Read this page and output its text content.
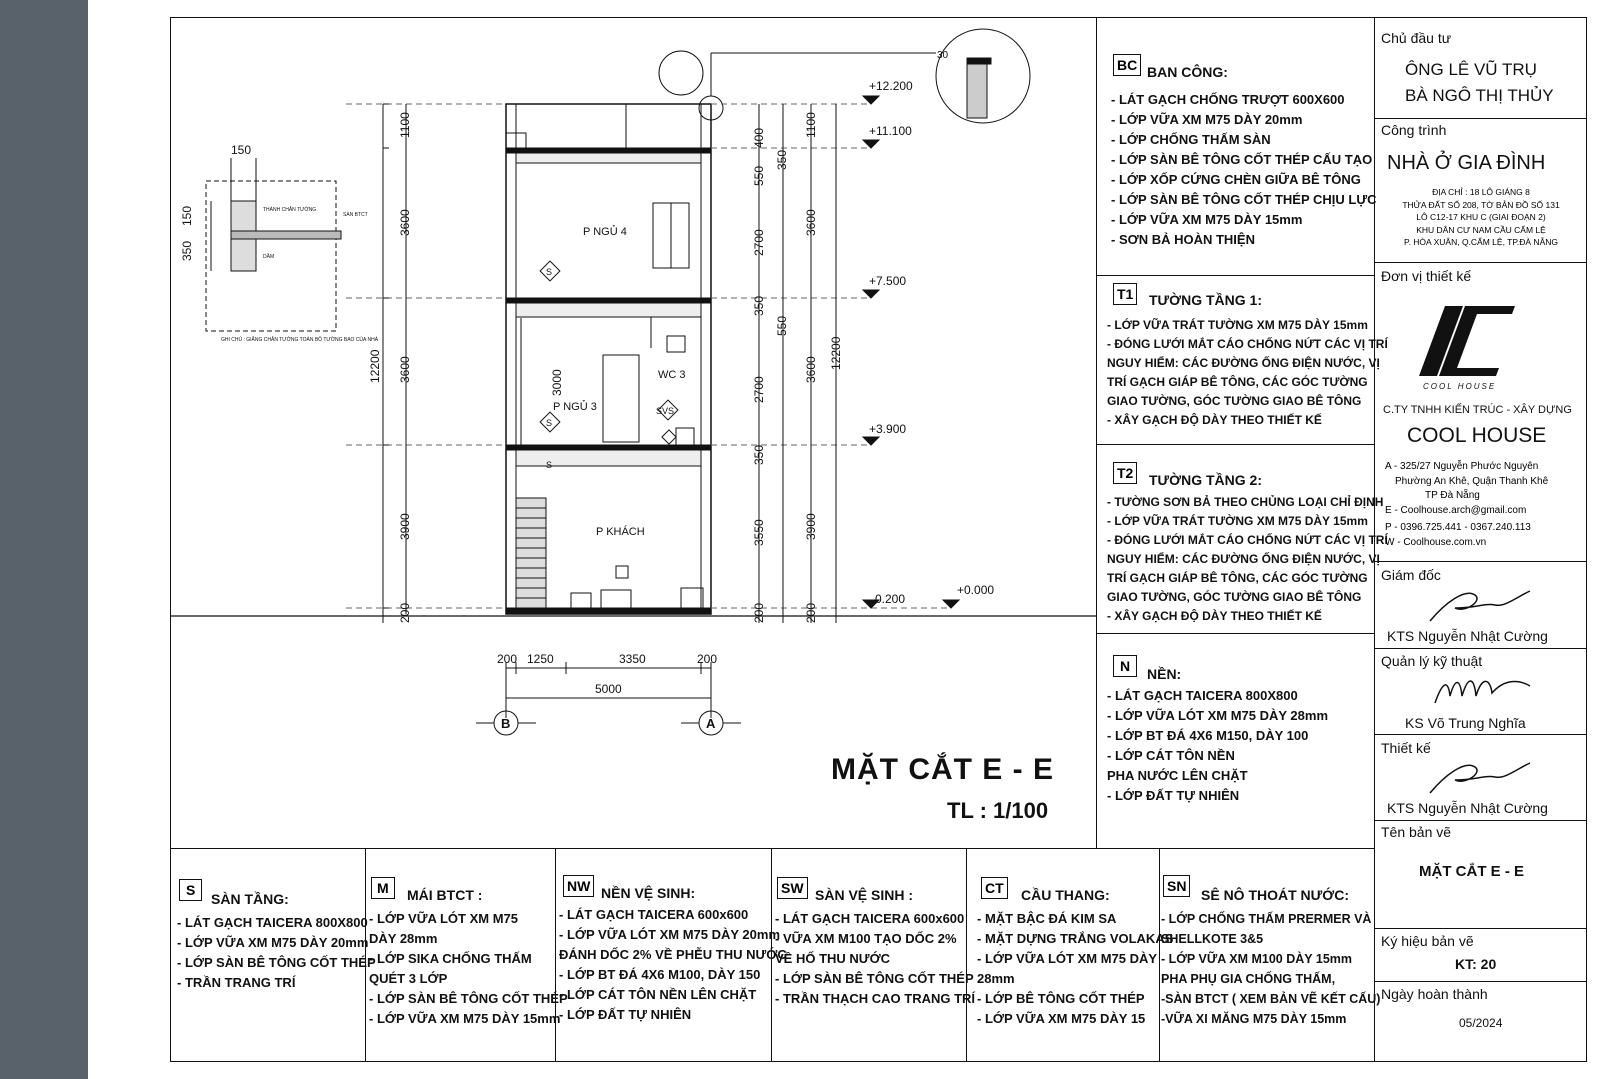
+12.200
+11.100
+7.500
+3.900
-0.200
+0.000
P NGỦ 4
P NGỦ 3
WC 3
P KHÁCH
S
S
S
SVS
1100
3600
3600
3900
200
12200	3000
400
350
550
2700
350
550
2700
350
3550
200
1100
3600
3600
3900
200
12200
200 1250	3350	200
5000
B	A
150
150
350
30
THÀNH CHẮN TƯỜNG
SÀN BTCT
DẦM
GHI CHÚ : GIẰNG CHÂN TƯỜNG TOÀN BỘ TƯỜNG BAO CỦA NHÀ
MẶT CẮT E - E
TL : 1/100
BC BAN CÔNG:
- LÁT GẠCH CHỐNG TRƯỢT 600X600
- LỚP VỮA XM M75 DÀY 20mm
- LỚP CHỐNG THẤM SÀN
- LỚP SÀN BÊ TÔNG CỐT THÉP CẤU TẠO
- LỚP XỐP CỨNG CHÈN GIỮA BÊ TÔNG
- LỚP SÀN BÊ TÔNG CỐT THÉP CHỊU LỰC
- LỚP VỮA XM M75 DÀY 15mm
- SƠN BẢ HOÀN THIỆN
T1 TƯỜNG TẦNG 1:
- LỚP VỮA TRÁT TƯỜNG XM M75 DÀY 15mm
- ĐÓNG LƯỚI MẮT CÁO CHỐNG NỨT CÁC VỊ TRÍ
NGUY HIỂM: CÁC ĐƯỜNG ỐNG ĐIỆN NƯỚC, VỊ
TRÍ GẠCH GIÁP BÊ TÔNG, CÁC GÓC TƯỜNG
GIAO TƯỜNG, GÓC TƯỜNG GIAO BÊ TÔNG
- XÂY GẠCH ĐỘ DÀY THEO THIẾT KẾ
T2 TƯỜNG TẦNG 2:
- TƯỜNG SƠN BẢ THEO CHỦNG LOẠI CHỈ ĐỊNH
- LỚP VỮA TRÁT TƯỜNG XM M75 DÀY 15mm
- ĐÓNG LƯỚI MẮT CÁO CHỐNG NỨT CÁC VỊ TRÍ
NGUY HIỂM: CÁC ĐƯỜNG ỐNG ĐIỆN NƯỚC, VỊ
TRÍ GẠCH GIÁP BÊ TÔNG, CÁC GÓC TƯỜNG
GIAO TƯỜNG, GÓC TƯỜNG GIAO BÊ TÔNG
- XÂY GẠCH ĐỘ DÀY THEO THIẾT KẾ
N	NỀN:
- LÁT GẠCH TAICERA 800X800
- LỚP VỮA LÓT XM M75 DÀY 28mm
- LỚP BT ĐÁ 4X6 M150, DÀY 100
- LỚP CÁT TÔN NỀN
PHA NƯỚC LÊN CHẶT
- LỚP ĐẤT TỰ NHIÊN
S
SÀN TẦNG:
- LÁT GẠCH TAICERA 800X800
- LỚP VỮA XM M75 DÀY 20mm
- LỚP SÀN BÊ TÔNG CỐT THÉP
- TRẦN TRANG TRÍ
M	MÁI BTCT :
- LỚP VỮA LÓT XM M75
DÀY 28mm
- LỚP SIKA CHỐNG THẤM
QUÉT 3 LỚP
- LỚP SÀN BÊ TÔNG CỐT THÉP
- LỚP VỮA XM M75 DÀY 15mm
NW NỀN VỆ SINH:
- LÁT GẠCH TAICERA 600x600
- LỚP VỮA LÓT XM M75 DÀY 20mm
ĐÁNH DỐC 2% VỀ PHỄU THU NƯỚC
- LỚP BT ĐÁ 4X6 M100, DÀY 150
- LỚP CÁT TÔN NỀN LÊN CHẶT
- LỚP ĐẤT TỰ NHIÊN
SW SÀN VỆ SINH :
- LÁT GẠCH TAICERA 600x600
- VỮA XM M100 TẠO DỐC 2%
VỀ HỐ THU NƯỚC
- LỚP SÀN BÊ TÔNG CỐT THÉP
- TRẦN THẠCH CAO TRANG TRÍ
CT CẦU THANG:
- MẶT BẬC ĐÁ KIM SA
- MẶT DỰNG TRẮNG VOLAKAS
- LỚP VỮA LÓT XM M75 DÀY
28mm
- LỚP BÊ TÔNG CỐT THÉP
- LỚP VỮA XM M75 DÀY 15
SN
SÊ NÔ THOÁT NƯỚC:
- LỚP CHỐNG THẤM PRERMER VÀ
SHELLKOTE 3&5
- LỚP VỮA XM M100 DÀY 15mm
PHA PHỤ GIA CHỐNG THẤM,
-SÀN BTCT ( XEM BẢN VẼ KẾT CẤU)
-VỮA XI MĂNG M75 DÀY 15mm
Chủ đầu tư
ÔNG LÊ VŨ TRỤ
BÀ NGÔ THỊ THỦY
Công trình
NHÀ Ở GIA ĐÌNH
ĐỊA CHỈ : 18 LÔ GIÁNG 8
THỬA ĐẤT SỐ 208, TỜ BẢN ĐỒ SỐ 131
LÔ C12-17 KHU C (GIAI ĐOẠN 2)
KHU DÂN CƯ NAM CẦU CẨM LỆ
P. HÒA XUÂN, Q.CẨM LỆ, TP.ĐÀ NẴNG
Đơn vị thiết kế
COOL HOUSE
C.TY TNHH KIẾN TRÚC - XÂY DỰNG
COOL HOUSE
A - 325/27 Nguyễn Phước Nguyên
Phường An Khê, Quận Thanh Khê
TP Đà Nẵng
E - Coolhouse.arch@gmail.com
P - 0396.725.441 - 0367.240.113
W - Coolhouse.com.vn
Giám đốc
KTS Nguyễn Nhật Cường
Quản lý kỹ thuật
KS Võ Trung Nghĩa
Thiết kế
KTS Nguyễn Nhật Cường
Tên bản vẽ
MẶT CẮT E - E
Ký hiệu bản vẽ
KT: 20
Ngày hoàn thành
05/2024
